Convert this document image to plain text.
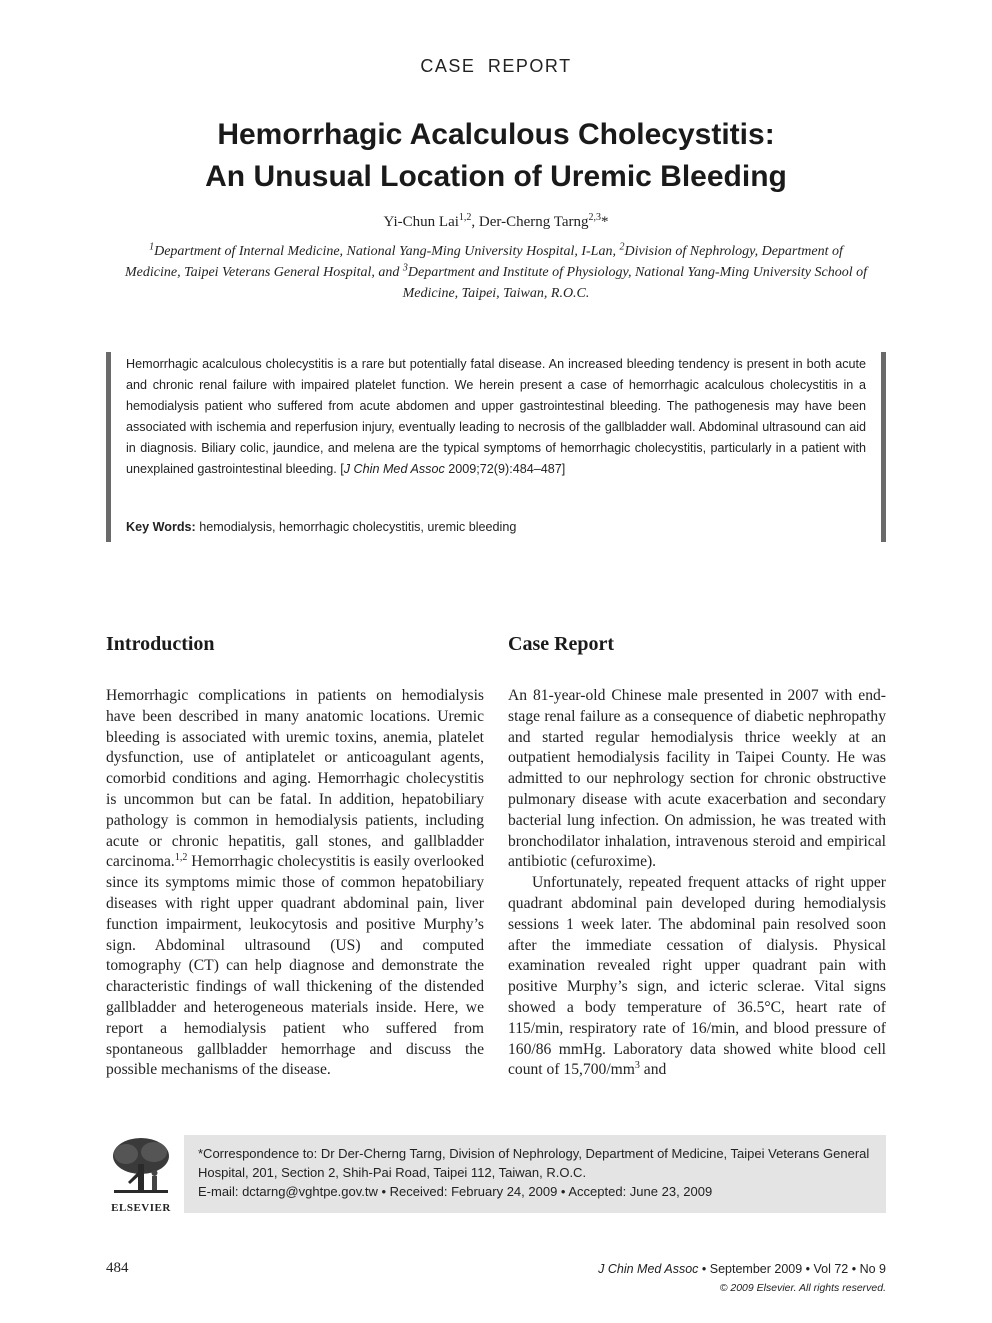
CASE REPORT
Hemorrhagic Acalculous Cholecystitis:
An Unusual Location of Uremic Bleeding
Yi-Chun Lai$^{1,2}$, Der-Cherng Tarng$^{2,3}$*
$^1$Department of Internal Medicine, National Yang-Ming University Hospital, I-Lan, $^2$Division of Nephrology, Department of Medicine, Taipei Veterans General Hospital, and $^3$Department and Institute of Physiology, National Yang-Ming University School of Medicine, Taipei, Taiwan, R.O.C.
Hemorrhagic acalculous cholecystitis is a rare but potentially fatal disease. An increased bleeding tendency is present in both acute and chronic renal failure with impaired platelet function. We herein present a case of hemorrhagic acalculous cholecystitis in a hemodialysis patient who suffered from acute abdomen and upper gastrointestinal bleeding. The pathogenesis may have been associated with ischemia and reperfusion injury, eventually leading to necrosis of the gallbladder wall. Abdominal ultrasound can aid in diagnosis. Biliary colic, jaundice, and melena are the typical symptoms of hemorrhagic cholecystitis, particularly in a patient with unexplained gastrointestinal bleeding. [J Chin Med Assoc 2009;72(9):484–487]
Key Words: hemodialysis, hemorrhagic cholecystitis, uremic bleeding
Introduction

Hemorrhagic complications in patients on hemodialysis have been described in many anatomic locations. Uremic bleeding is associated with uremic toxins, anemia, platelet dysfunction, use of antiplatelet or anticoagulant agents, comorbid conditions and aging. Hemorrhagic cholecystitis is uncommon but can be fatal. In addition, hepatobiliary pathology is common in hemodialysis patients, including acute or chronic hepatitis, gall stones, and gallbladder carcinoma.$^{1,2}$ Hemorrhagic cholecystitis is easily overlooked since its symptoms mimic those of common hepatobiliary diseases with right upper quadrant abdominal pain, liver function impairment, leukocytosis and positive Murphy’s sign. Abdominal ultrasound (US) and computed tomography (CT) can help diagnose and demonstrate the characteristic findings of wall thickening of the distended gallbladder and heterogeneous materials inside. Here, we report a hemodialysis patient who suffered from spontaneous gallbladder hemorrhage and discuss the possible mechanisms of the disease.

Case Report

An 81-year-old Chinese male presented in 2007 with end-stage renal failure as a consequence of diabetic nephropathy and started regular hemodialysis thrice weekly at an outpatient hemodialysis facility in Taipei County. He was admitted to our nephrology section for chronic obstructive pulmonary disease with acute exacerbation and secondary bacterial lung infection. On admission, he was treated with bronchodilator inhalation, intravenous steroid and empirical antibiotic (cefuroxime).

Unfortunately, repeated frequent attacks of right upper quadrant abdominal pain developed during hemodialysis sessions 1 week later. The abdominal pain resolved soon after the immediate cessation of dialysis. Physical examination revealed right upper quadrant pain with positive Murphy’s sign, and icteric sclerae. Vital signs showed a body temperature of 36.5°C, heart rate of 115/min, respiratory rate of 16/min, and blood pressure of 160/86 mmHg. Laboratory data showed white blood cell count of $15,700/mm^3$ and

ELSEVIER
*Correspondence to: Dr Der-Cherng Tarng, Division of Nephrology, Department of Medicine, Taipei Veterans General Hospital, 201, Section 2, Shih-Pai Road, Taipei 112, Taiwan, R.O.C.
E-mail: dctarng@vghtpe.gov.tw • Received: February 24, 2009 • Accepted: June 23, 2009
484	J Chin Med Assoc • September 2009 • Vol 72 • No 9
© 2009 Elsevier. All rights reserved.
